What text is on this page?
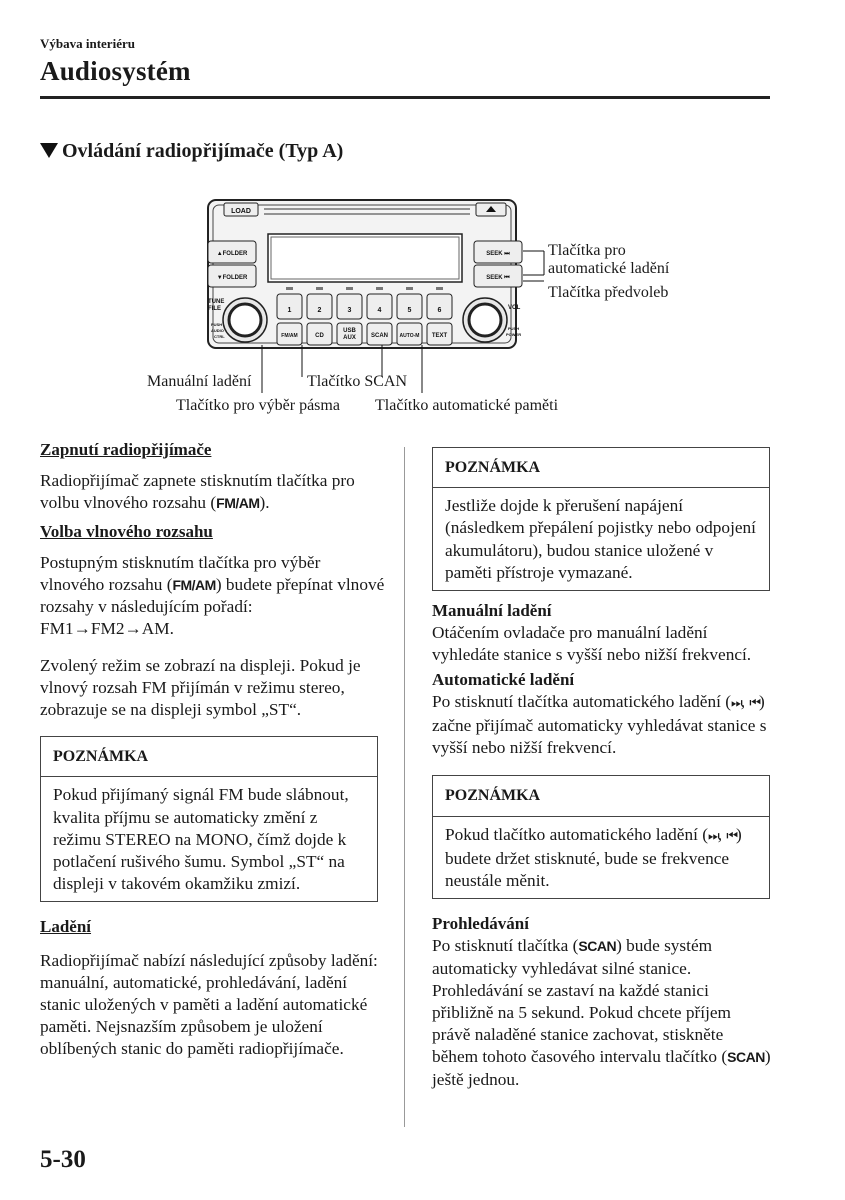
Výbava interiéru
Audiosystém
Ovládání radiopřijímače (Typ A)
LOAD
▲FOLDER
▼FOLDER
SEEK ⏭
SEEK ⏮
TUNE
FILE
PUSH
AUDIO
CTRL
VOL
PUSH
POWER
1	2	3	4	5	6
FM/AM	CD
USB
AUX	SCAN AUTO-M TEXT
Tlačítka pro
automatické ladění
Tlačítka předvoleb
Manuální ladění	Tlačítko SCAN
Tlačítko pro výběr pásma Tlačítko automatické paměti

Zapnutí radiopřijímače

Radiopřijímač zapnete stisknutím tlačítka pro volbu vlnového rozsahu (FM/AM).

Volba vlnového rozsahu

Postupným stisknutím tlačítka pro výběr vlnového rozsahu (FM/AM) budete přepínat vlnové rozsahy v následujícím pořadí: FM1→FM2→AM.

Zvolený režim se zobrazí na displeji. Pokud je vlnový rozsah FM přijímán v režimu stereo, zobrazuje se na displeji symbol „ST“.

POZNÁMKA
Pokud přijímaný signál FM bude slábnout, kvalita příjmu se automaticky změní z režimu STEREO na MONO, čímž dojde k potlačení rušivého šumu. Symbol „ST“ na displeji v takovém okamžiku zmizí.

Ladění

Radiopřijímač nabízí následující způsoby ladění: manuální, automatické, prohledávání, ladění stanic uložených v paměti a ladění automatické paměti. Nejsnazším způsobem je uložení oblíbených stanic do paměti radiopřijímače.

POZNÁMKA
Jestliže dojde k přerušení napájení (následkem přepálení pojistky nebo odpojení akumulátoru), budou stanice uložené v paměti přístroje vymazané.

Manuální ladění

Otáčením ovladače pro manuální ladění vyhledáte stanice s vyšší nebo nižší frekvencí.

Automatické ladění

Po stisknutí tlačítka automatického ladění (⏭, ⏮) začne přijímač automaticky vyhledávat stanice s vyšší nebo nižší frekvencí.

POZNÁMKA
Pokud tlačítko automatického ladění (⏭, ⏮) budete držet stisknuté, bude se frekvence neustále měnit.

Prohledávání

Po stisknutí tlačítka (SCAN) bude systém automaticky vyhledávat silné stanice. Prohledávání se zastaví na každé stanici přibližně na 5 sekund. Pokud chcete příjem právě naladěné stanice zachovat, stiskněte během tohoto časového intervalu tlačítko (SCAN) ještě jednou.

5-30
